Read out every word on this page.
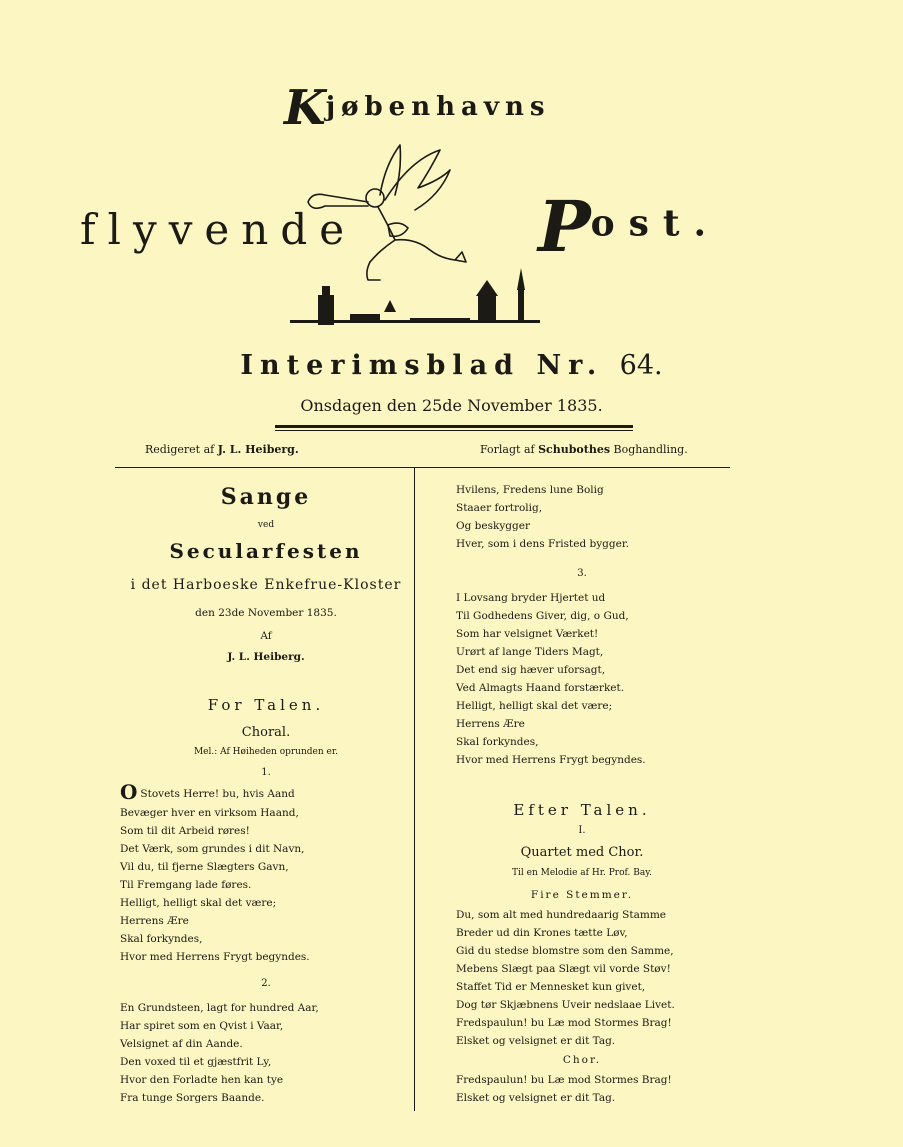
Kjøbenhavns
flyvende	Post.
Interimsblad Nr. 64.
Onsdagen den 25de November 1835.
Redigeret af J. L. Heiberg.	Forlagt af Schubothes Boghandling.
Sange
ved
Secularfesten
i det Harboeske Enkefrue-Kloster
den 23de November 1835.
Af
J. L. Heiberg.
For Talen.
Choral.
Mel.: Af Høiheden oprunden er.
1.
O Stovets Herre! bu, hvis Aand
Bevæger hver en virksom Haand,
Som til dit Arbeid røres!
Det Værk, som grundes i dit Navn,
Vil du, til fjerne Slægters Gavn,
Til Fremgang lade føres.
Helligt, helligt skal det være;
Herrens Ære
Skal forkyndes,
Hvor med Herrens Frygt begyndes.
2.
En Grundsteen, lagt for hundred Aar,
Har spiret som en Qvist i Vaar,
Velsignet af din Aande.
Den voxed til et gjæstfrit Ly,
Hvor den Forladte hen kan tye
Fra tunge Sorgers Baande.
Hvilens, Fredens lune Bolig
Staaer fortrolig,
Og beskygger
Hver, som i dens Fristed bygger.
3.
I Lovsang bryder Hjertet ud
Til Godhedens Giver, dig, o Gud,
Som har velsignet Værket!
Urørt af lange Tiders Magt,
Det end sig hæver uforsagt,
Ved Almagts Haand forstærket.
Helligt, helligt skal det være;
Herrens Ære
Skal forkyndes,
Hvor med Herrens Frygt begyndes.
Efter Talen.
I.
Quartet med Chor.
Til en Melodie af Hr. Prof. Bay.
Fire Stemmer.
Du, som alt med hundredaarig Stamme
Breder ud din Krones tætte Løv,
Gid du stedse blomstre som den Samme,
Mebens Slægt paa Slægt vil vorde Støv!
Staffet Tid er Mennesket kun givet,
Dog tør Skjæbnens Uveir nedslaae Livet.
Fredspaulun! bu Læ mod Stormes Brag!
Elsket og velsignet er dit Tag.
Chor.
Fredspaulun! bu Læ mod Stormes Brag!
Elsket og velsignet er dit Tag.
